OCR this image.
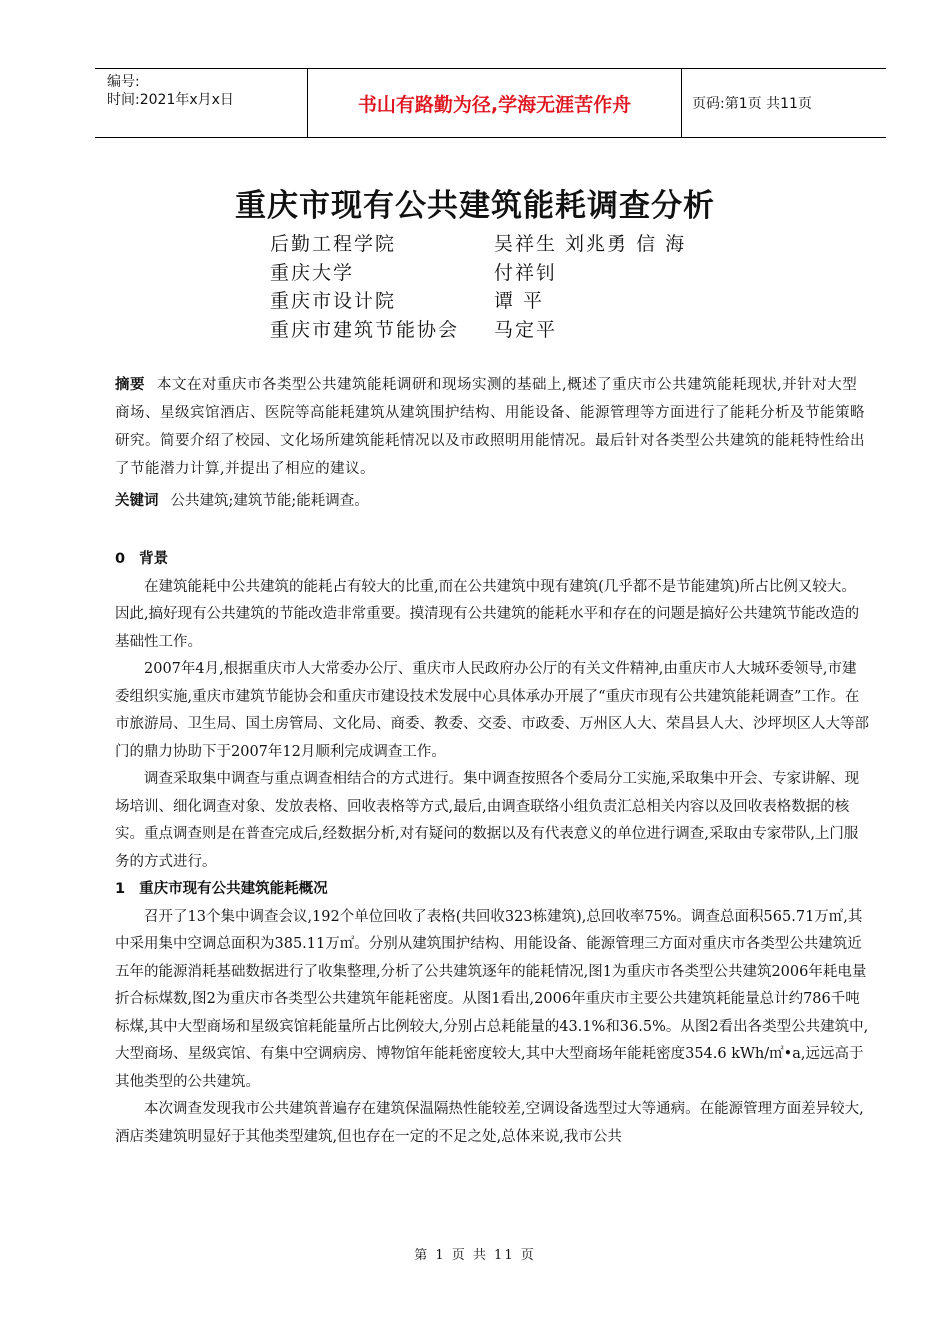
编号:
时间:2021年x月x日	书山有路勤为径,学海无涯苦作舟	页码:第1页 共11页
重庆市现有公共建筑能耗调查分析
后勤工程学院	吴祥生 刘兆勇 信 海
重庆大学	付祥钊
重庆市设计院	谭 平
重庆市建筑节能协会	马定平
摘要 本文在对重庆市各类型公共建筑能耗调研和现场实测的基础上,概述了重庆市公共建筑能耗现状,并针对大型商场、星级宾馆酒店、医院等高能耗建筑从建筑围护结构、用能设备、能源管理等方面进行了能耗分析及节能策略研究。简要介绍了校园、文化场所建筑能耗情况以及市政照明用能情况。最后针对各类型公共建筑的能耗特性给出了节能潜力计算,并提出了相应的建议。
关键词 公共建筑;建筑节能;能耗调查。
0 背景

在建筑能耗中公共建筑的能耗占有较大的比重,而在公共建筑中现有建筑(几乎都不是节能建筑)所占比例又较大。因此,搞好现有公共建筑的节能改造非常重要。摸清现有公共建筑的能耗水平和存在的问题是搞好公共建筑节能改造的基础性工作。

2007年4月,根据重庆市人大常委办公厅、重庆市人民政府办公厅的有关文件精神,由重庆市人大城环委领导,市建委组织实施,重庆市建筑节能协会和重庆市建设技术发展中心具体承办开展了“重庆市现有公共建筑能耗调查”工作。在市旅游局、卫生局、国土房管局、文化局、商委、教委、交委、市政委、万州区人大、荣昌县人大、沙坪坝区人大等部门的鼎力协助下于2007年12月顺利完成调查工作。

调查采取集中调查与重点调查相结合的方式进行。集中调查按照各个委局分工实施,采取集中开会、专家讲解、现场培训、细化调查对象、发放表格、回收表格等方式,最后,由调查联络小组负责汇总相关内容以及回收表格数据的核实。重点调查则是在普查完成后,经数据分析,对有疑问的数据以及有代表意义的单位进行调查,采取由专家带队,上门服务的方式进行。

1 重庆市现有公共建筑能耗概况

召开了13个集中调查会议,192个单位回收了表格(共回收323栋建筑),总回收率75%。调查总面积565.71万㎡,其中采用集中空调总面积为385.11万㎡。分别从建筑围护结构、用能设备、能源管理三方面对重庆市各类型公共建筑近五年的能源消耗基础数据进行了收集整理,分析了公共建筑逐年的能耗情况,图1为重庆市各类型公共建筑2006年耗电量折合标煤数,图2为重庆市各类型公共建筑年能耗密度。从图1看出,2006年重庆市主要公共建筑耗能量总计约786千吨标煤,其中大型商场和星级宾馆耗能量所占比例较大,分别占总耗能量的43.1%和36.5%。从图2看出各类型公共建筑中,大型商场、星级宾馆、有集中空调病房、博物馆年能耗密度较大,其中大型商场年能耗密度354.6 kWh/㎡•a,远远高于其他类型的公共建筑。

本次调查发现我市公共建筑普遍存在建筑保温隔热性能较差,空调设备选型过大等通病。在能源管理方面差异较大,酒店类建筑明显好于其他类型建筑,但也存在一定的不足之处,总体来说,我市公共

第 1 页 共 11 页
